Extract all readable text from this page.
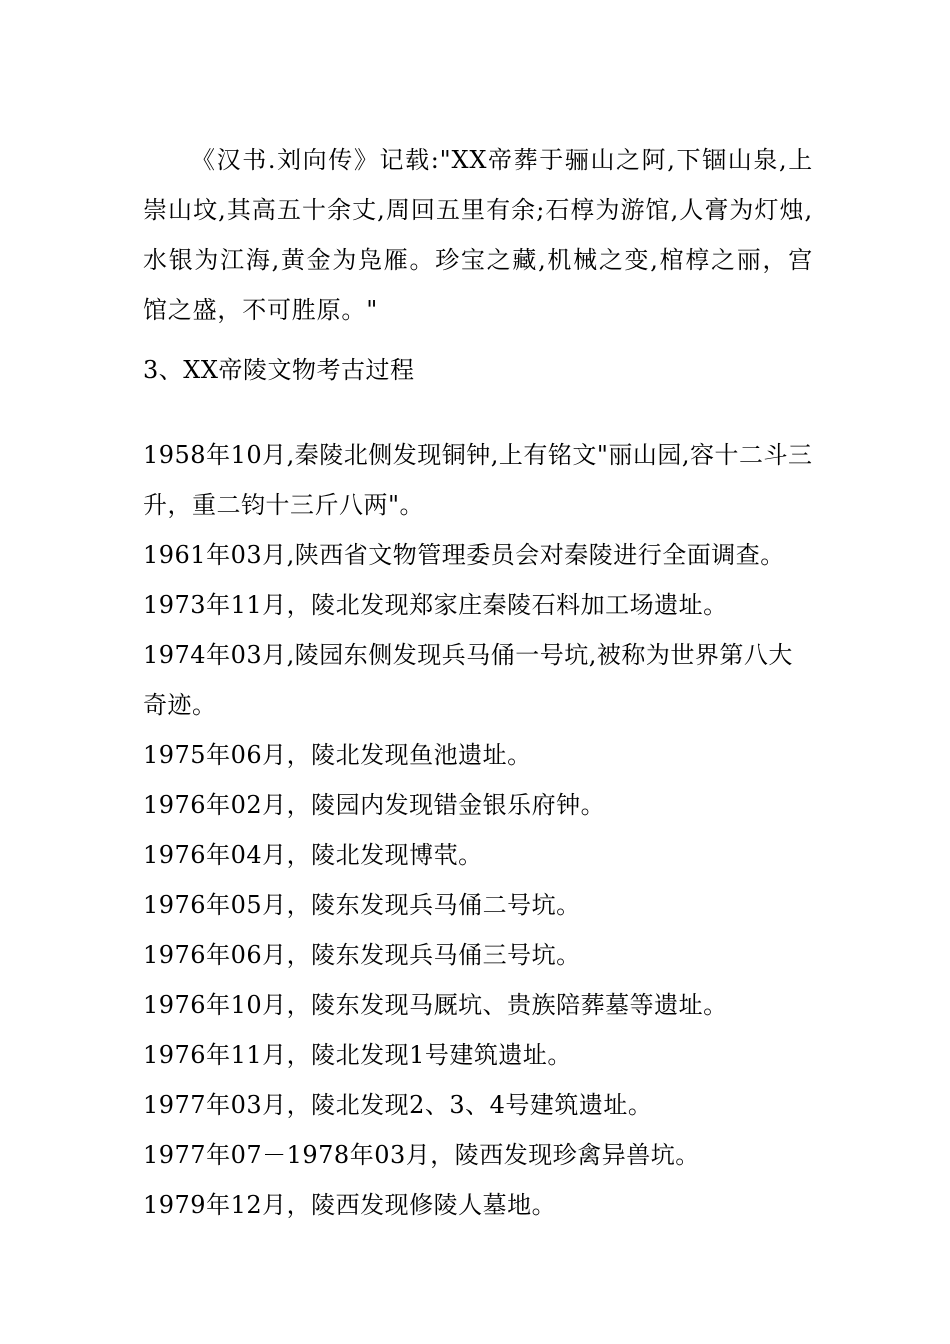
《汉书.刘向传》记载:"XX帝葬于骊山之阿,下锢山泉,上崇山坟,其高五十余丈,周回五里有余;石椁为游馆,人膏为灯烛,水银为江海,黄金为凫雁。珍宝之藏,机械之变,棺椁之丽，宫馆之盛，不可胜原。"

3、XX帝陵文物考古过程
1958年10月,秦陵北侧发现铜钟,上有铭文"丽山园,容十二斗三升，重二钧十三斤八两"。
1961年03月,陕西省文物管理委员会对秦陵进行全面调查。
1973年11月，陵北发现郑家庄秦陵石料加工场遗址。
1974年03月,陵园东侧发现兵马俑一号坑,被称为世界第八大奇迹。
1975年06月，陵北发现鱼池遗址。
1976年02月，陵园内发现错金银乐府钟。
1976年04月，陵北发现博茕。
1976年05月，陵东发现兵马俑二号坑。
1976年06月，陵东发现兵马俑三号坑。
1976年10月，陵东发现马厩坑、贵族陪葬墓等遗址。
1976年11月，陵北发现1号建筑遗址。
1977年03月，陵北发现2、3、4号建筑遗址。
1977年07－1978年03月，陵西发现珍禽异兽坑。
1979年12月，陵西发现修陵人墓地。
